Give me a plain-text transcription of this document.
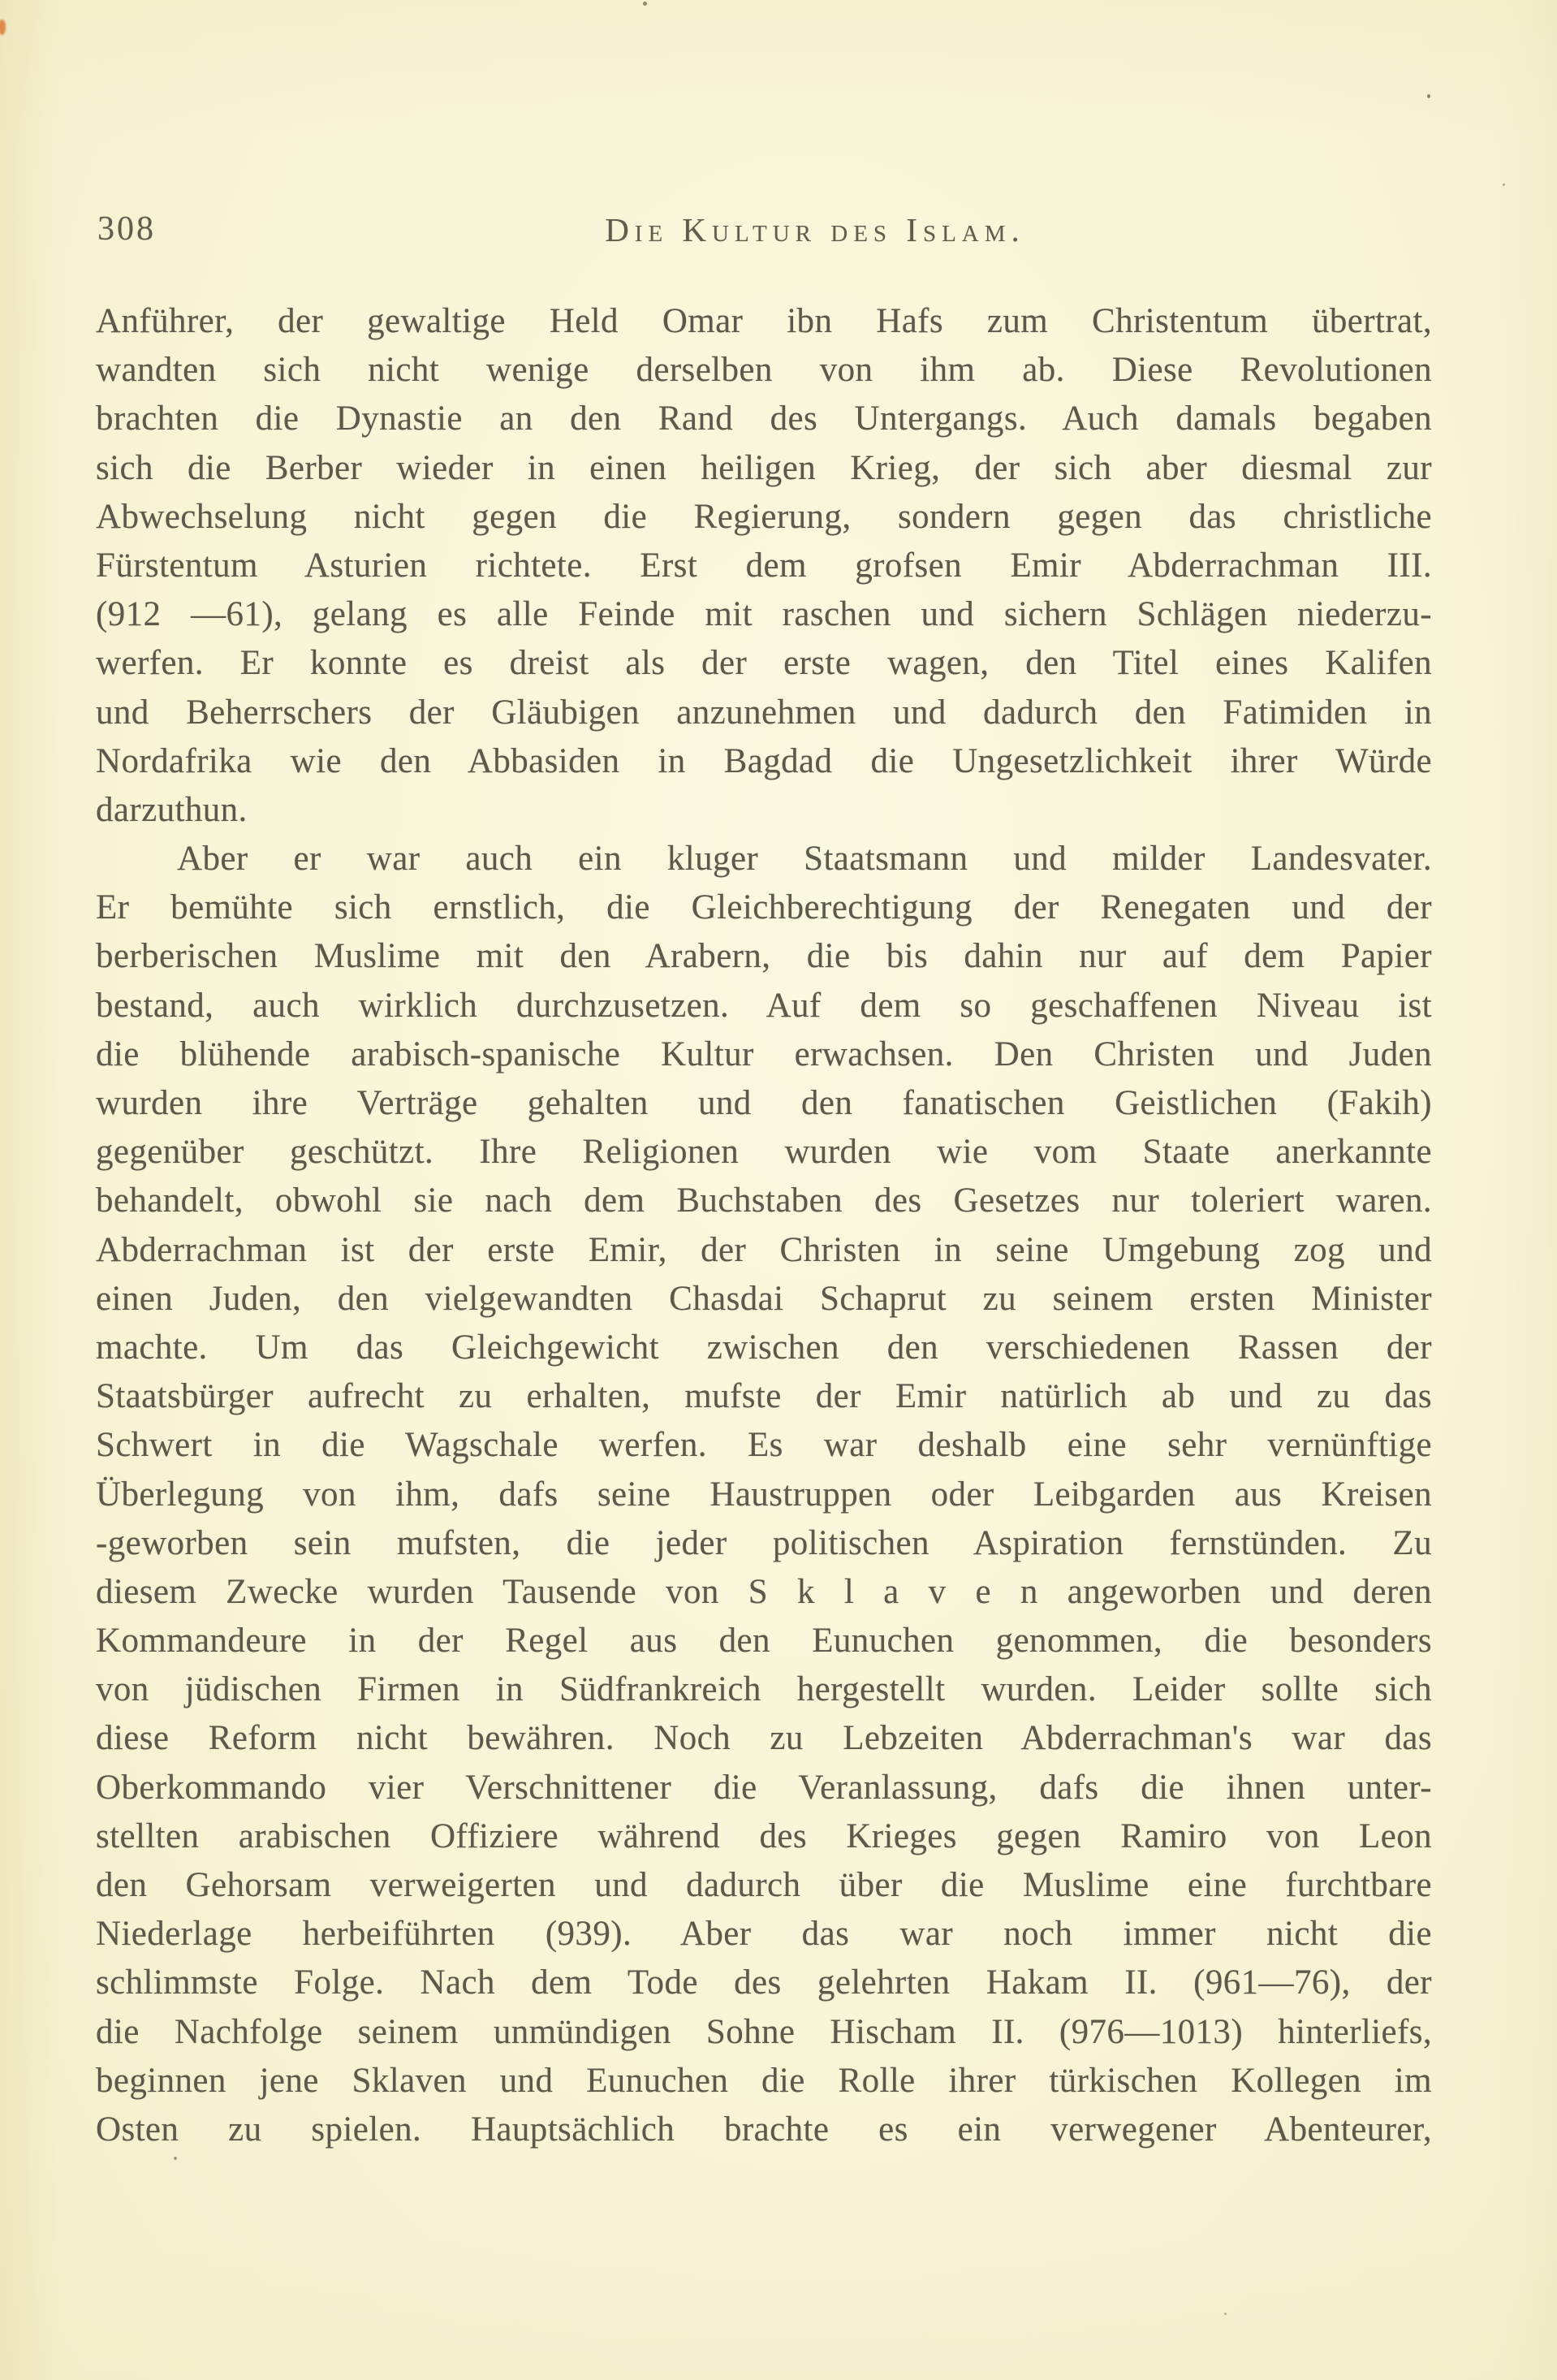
308	Die Kultur des Islam.
Anführer, der gewaltige Held Omar ibn Hafs zum Christentum übertrat,
wandten sich nicht wenige derselben von ihm ab. Diese Revolutionen
brachten die Dynastie an den Rand des Untergangs. Auch damals begaben
sich die Berber wieder in einen heiligen Krieg, der sich aber diesmal zur
Abwechselung nicht gegen die Regierung, sondern gegen das christliche
Fürstentum Asturien richtete. Erst dem grofsen Emir Abderrachman III.
(912 —61), gelang es alle Feinde mit raschen und sichern Schlägen niederzu-
werfen. Er konnte es dreist als der erste wagen, den Titel eines Kalifen
und Beherrschers der Gläubigen anzunehmen und dadurch den Fatimiden in
Nordafrika wie den Abbasiden in Bagdad die Ungesetzlichkeit ihrer Würde
darzuthun.
Aber er war auch ein kluger Staatsmann und milder Landesvater.
Er bemühte sich ernstlich, die Gleichberechtigung der Renegaten und der
berberischen Muslime mit den Arabern, die bis dahin nur auf dem Papier
bestand, auch wirklich durchzusetzen. Auf dem so geschaffenen Niveau ist
die blühende arabisch-spanische Kultur erwachsen. Den Christen und Juden
wurden ihre Verträge gehalten und den fanatischen Geistlichen (Fakih)
gegenüber geschützt. Ihre Religionen wurden wie vom Staate anerkannte
behandelt, obwohl sie nach dem Buchstaben des Gesetzes nur toleriert waren.
Abderrachman ist der erste Emir, der Christen in seine Umgebung zog und
einen Juden, den vielgewandten Chasdai Schaprut zu seinem ersten Minister
machte. Um das Gleichgewicht zwischen den verschiedenen Rassen der
Staatsbürger aufrecht zu erhalten, mufste der Emir natürlich ab und zu das
Schwert in die Wagschale werfen. Es war deshalb eine sehr vernünftige
Überlegung von ihm, dafs seine Haustruppen oder Leibgarden aus Kreisen
-geworben sein mufsten, die jeder politischen Aspiration fernstünden. Zu
diesem Zwecke wurden Tausende von S k l a v e n angeworben und deren
Kommandeure in der Regel aus den Eunuchen genommen, die besonders
von jüdischen Firmen in Südfrankreich hergestellt wurden. Leider sollte sich
diese Reform nicht bewähren. Noch zu Lebzeiten Abderrachman's war das
Oberkommando vier Verschnittener die Veranlassung, dafs die ihnen unter-
stellten arabischen Offiziere während des Krieges gegen Ramiro von Leon
den Gehorsam verweigerten und dadurch über die Muslime eine furchtbare
Niederlage herbeiführten (939). Aber das war noch immer nicht die
schlimmste Folge. Nach dem Tode des gelehrten Hakam II. (961—76), der
die Nachfolge seinem unmündigen Sohne Hischam II. (976—1013) hinterliefs,
beginnen jene Sklaven und Eunuchen die Rolle ihrer türkischen Kollegen im
Osten zu spielen. Hauptsächlich brachte es ein verwegener Abenteurer,
